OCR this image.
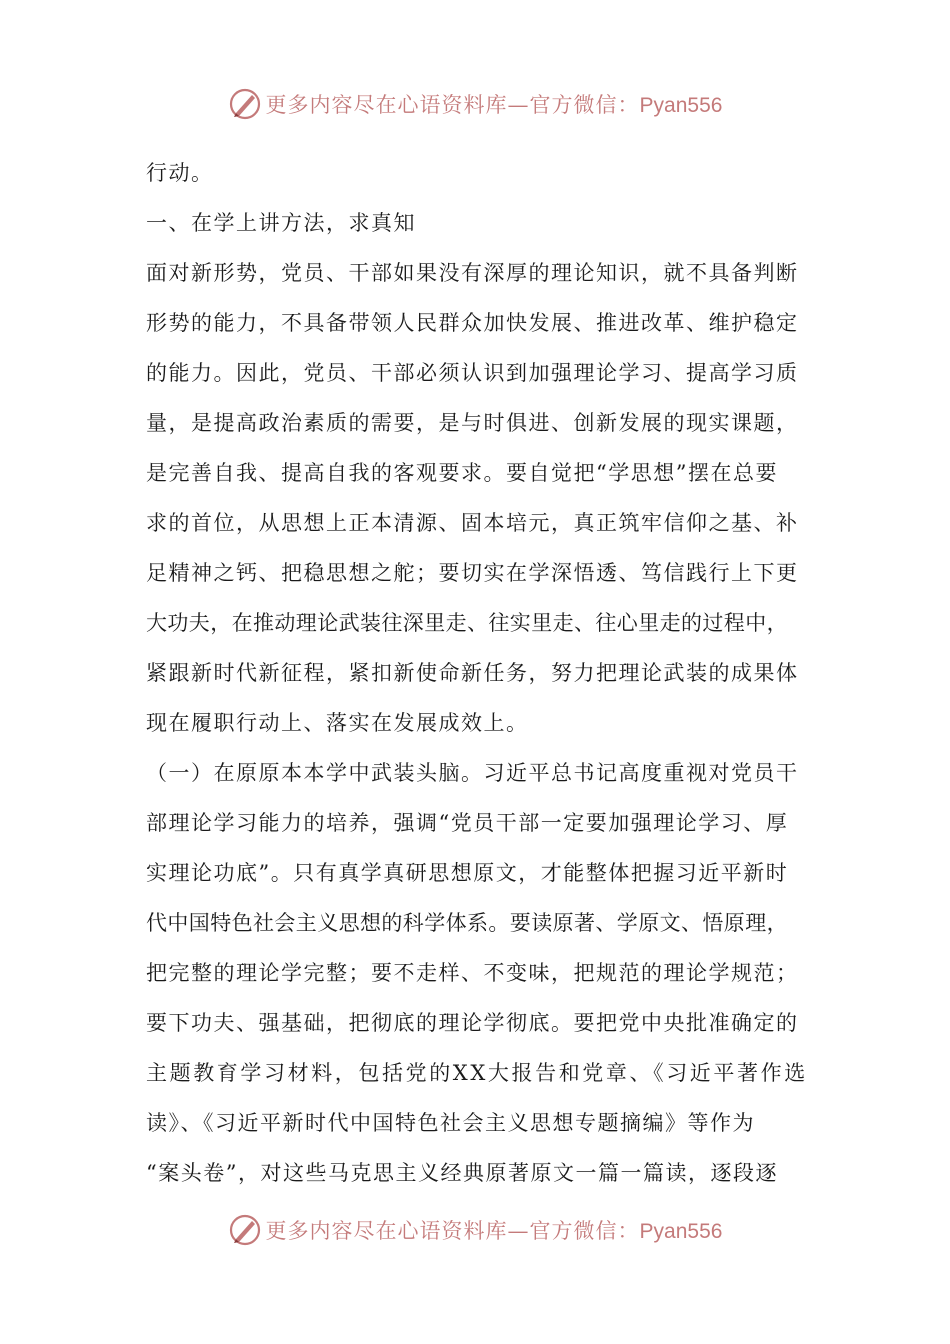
更多内容尽在心语资料库—官方微信：Pyan556
行动。
一、在学上讲方法，求真知
面对新形势，党员、干部如果没有深厚的理论知识，就不具备判断
形势的能力，不具备带领人民群众加快发展、推进改革、维护稳定
的能力。因此，党员、干部必须认识到加强理论学习、提高学习质
量，是提高政治素质的需要，是与时俱进、创新发展的现实课题，
是完善自我、提高自我的客观要求。要自觉把“学思想”摆在总要
求的首位，从思想上正本清源、固本培元，真正筑牢信仰之基、补
足精神之钙、把稳思想之舵；要切实在学深悟透、笃信践行上下更
大功夫，在推动理论武装往深里走、往实里走、往心里走的过程中，
紧跟新时代新征程，紧扣新使命新任务，努力把理论武装的成果体
现在履职行动上、落实在发展成效上。
（一）在原原本本学中武装头脑。习近平总书记高度重视对党员干
部理论学习能力的培养，强调“党员干部一定要加强理论学习、厚
实理论功底”。只有真学真研思想原文，才能整体把握习近平新时
代中国特色社会主义思想的科学体系。要读原著、学原文、悟原理，
把完整的理论学完整；要不走样、不变味，把规范的理论学规范；
要下功夫、强基础，把彻底的理论学彻底。要把党中央批准确定的
主题教育学习材料，包括党的XX大报告和党章、《习近平著作选
读》、《习近平新时代中国特色社会主义思想专题摘编》等作为
“案头卷”，对这些马克思主义经典原著原文一篇一篇读，逐段逐
更多内容尽在心语资料库—官方微信：Pyan556
